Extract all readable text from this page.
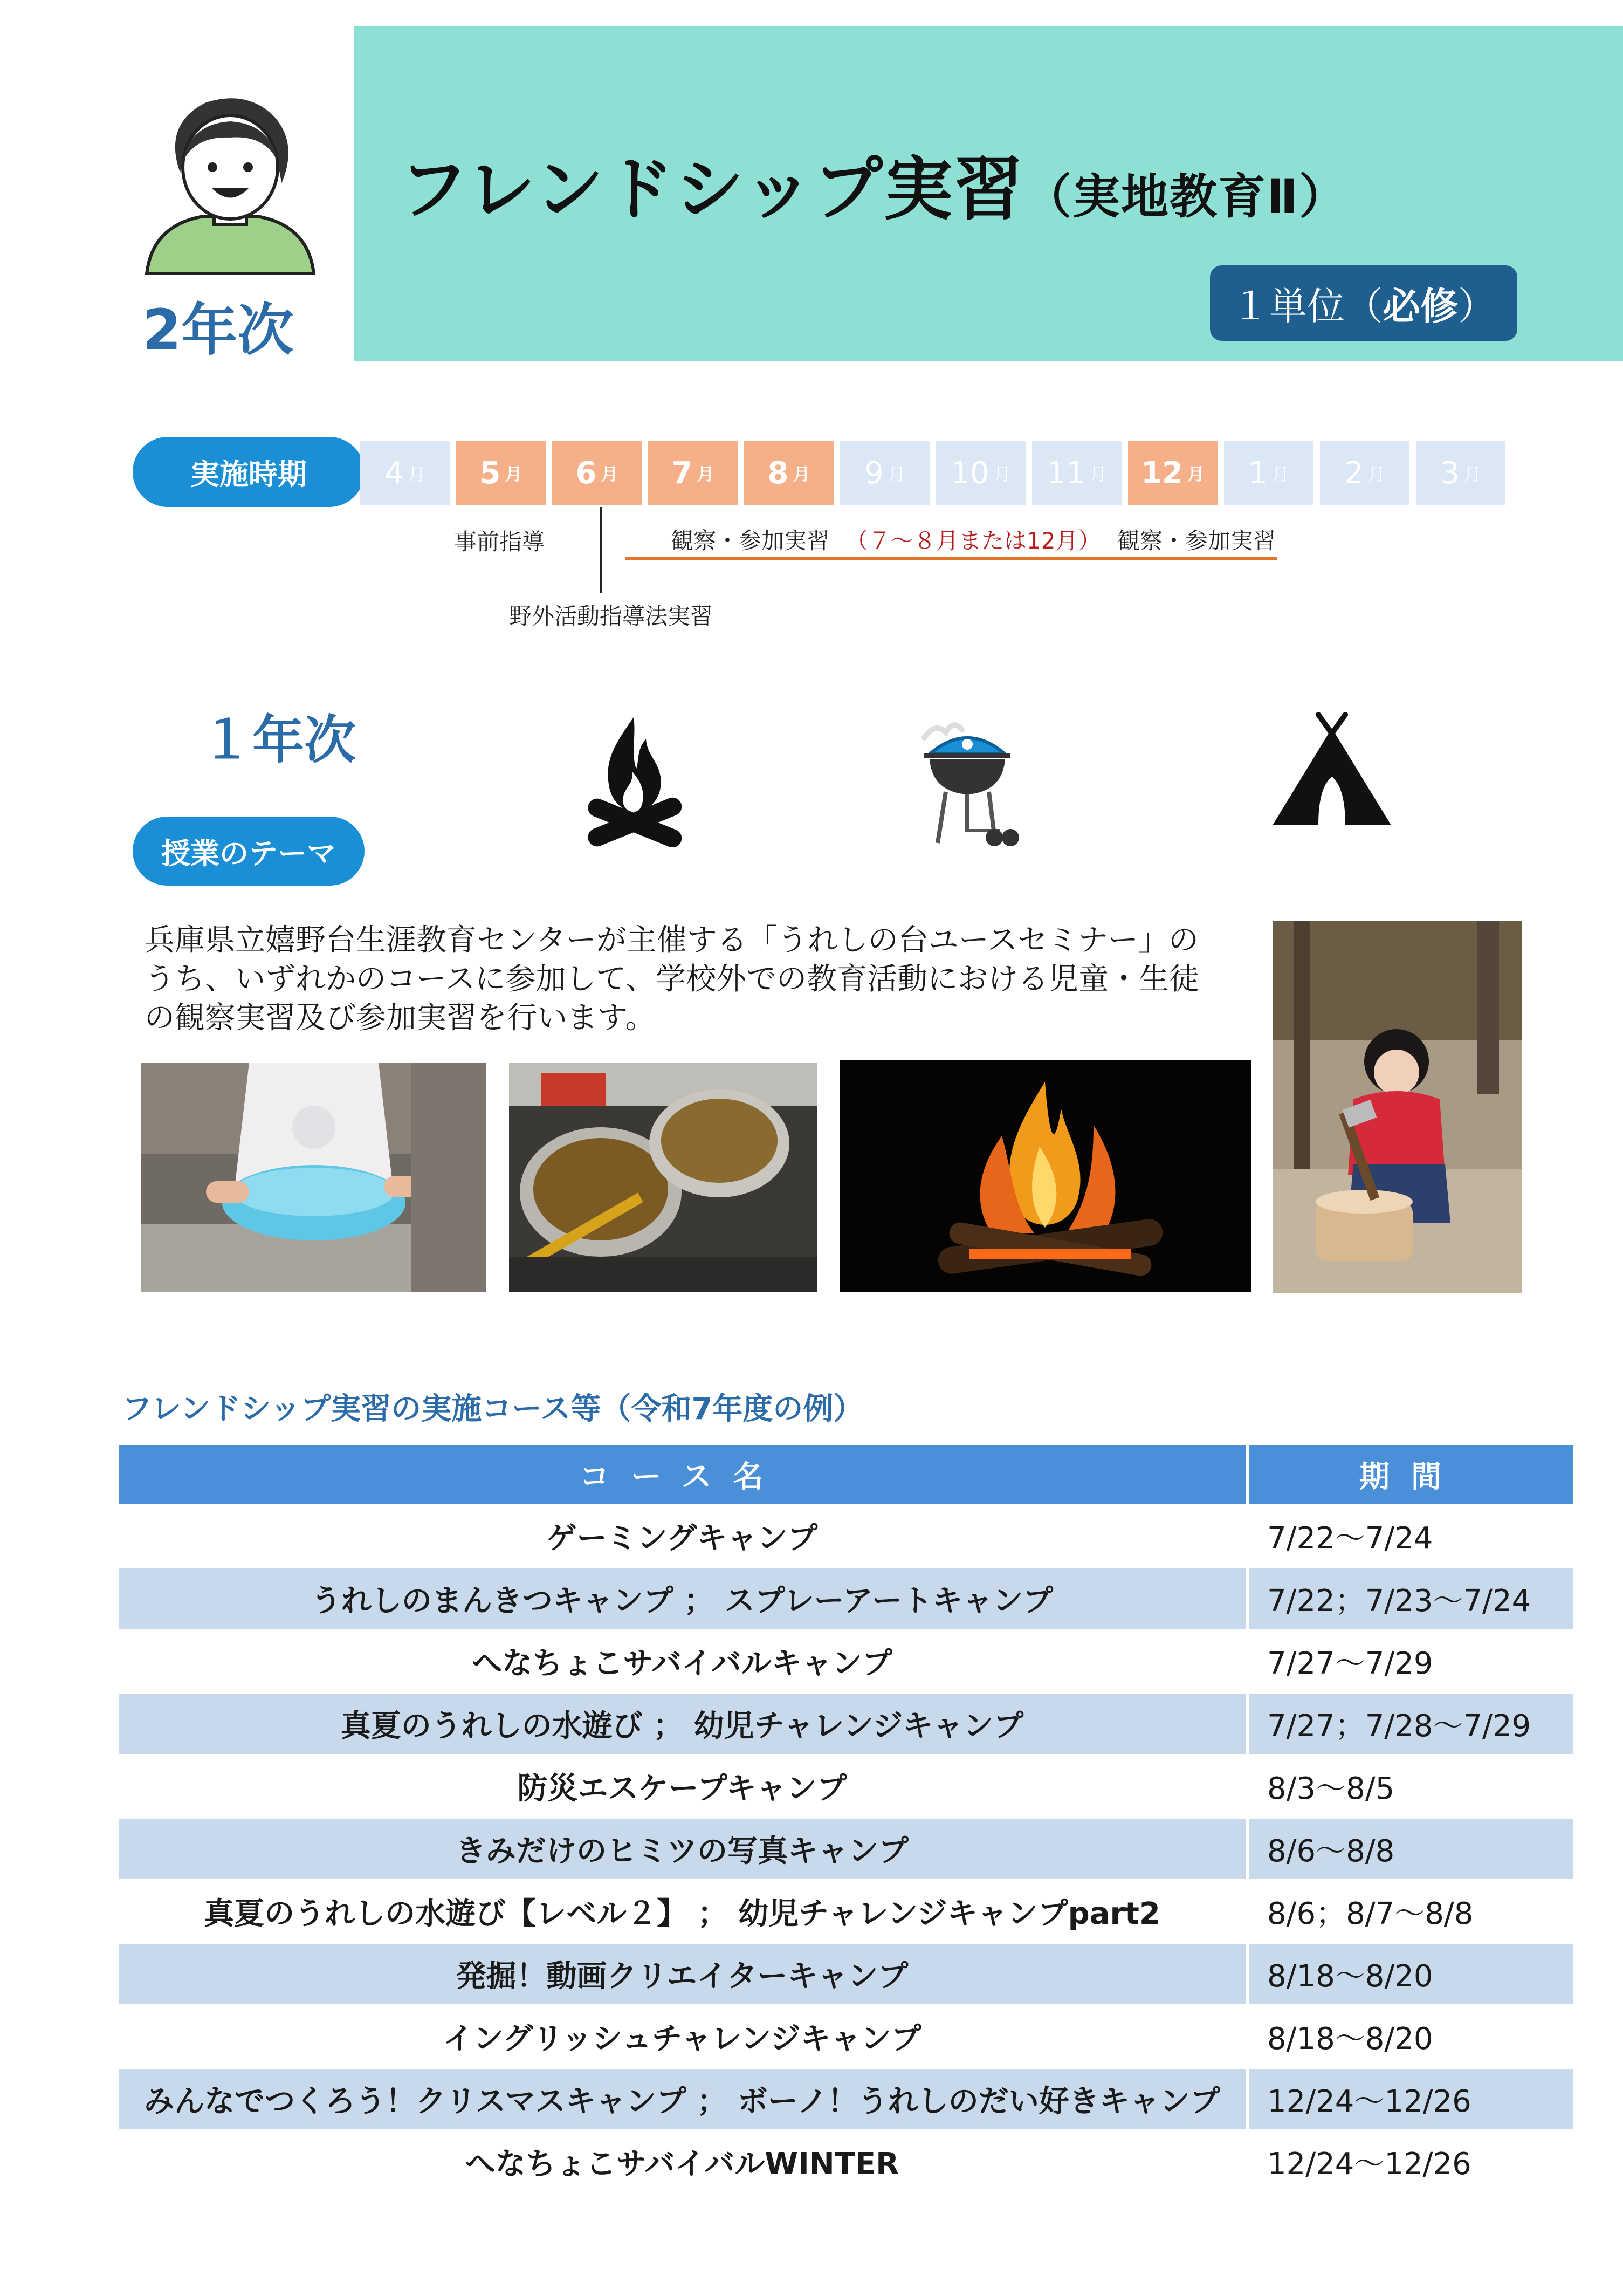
2年次
フレンドシップ実習（実地教育Ⅱ）
１単位（ 必修 ）
実施時期	4 月 5 月 6 月 7 月 8 月 9 月 10 月 11 月 12 月 1 月 2 月 3 月
事前指導
野外活動指導法実習
観察・参加実習 （７～８月または12月） 観察・参加実習
１年次
授業のテーマ
兵庫県立嬉野台生涯教育センターが主催する「うれしの台ユースセミナー」のうち、いずれかのコースに参加して、学校外での教育活動における児童・生徒の観察実習及び参加実習を行います。
フレンドシップ実習の実施コース等（令和7年度の例）
コース名	期間
ゲーミングキャンプ	7/22～7/24
うれしのまんきつキャンプ ； スプレーアートキャンプ	7/22；7/23～7/24
へなちょこサバイバルキャンプ	7/27～7/29
真夏のうれしの水遊び ； 幼児チャレンジキャンプ	7/27；7/28～7/29
防災エスケープキャンプ	8/3～8/5
きみだけのヒミツの写真キャンプ	8/6～8/8
真夏のうれしの水遊び【レベル２】 ； 幼児チャレンジキャンプpart2	8/6；8/7～8/8
発掘！動画クリエイターキャンプ	8/18～8/20
イングリッシュチャレンジキャンプ	8/18～8/20
みんなでつくろう！クリスマスキャンプ ； ボーノ！うれしのだい好きキャンプ	12/24～12/26
へなちょこサバイバルWINTER	12/24～12/26
